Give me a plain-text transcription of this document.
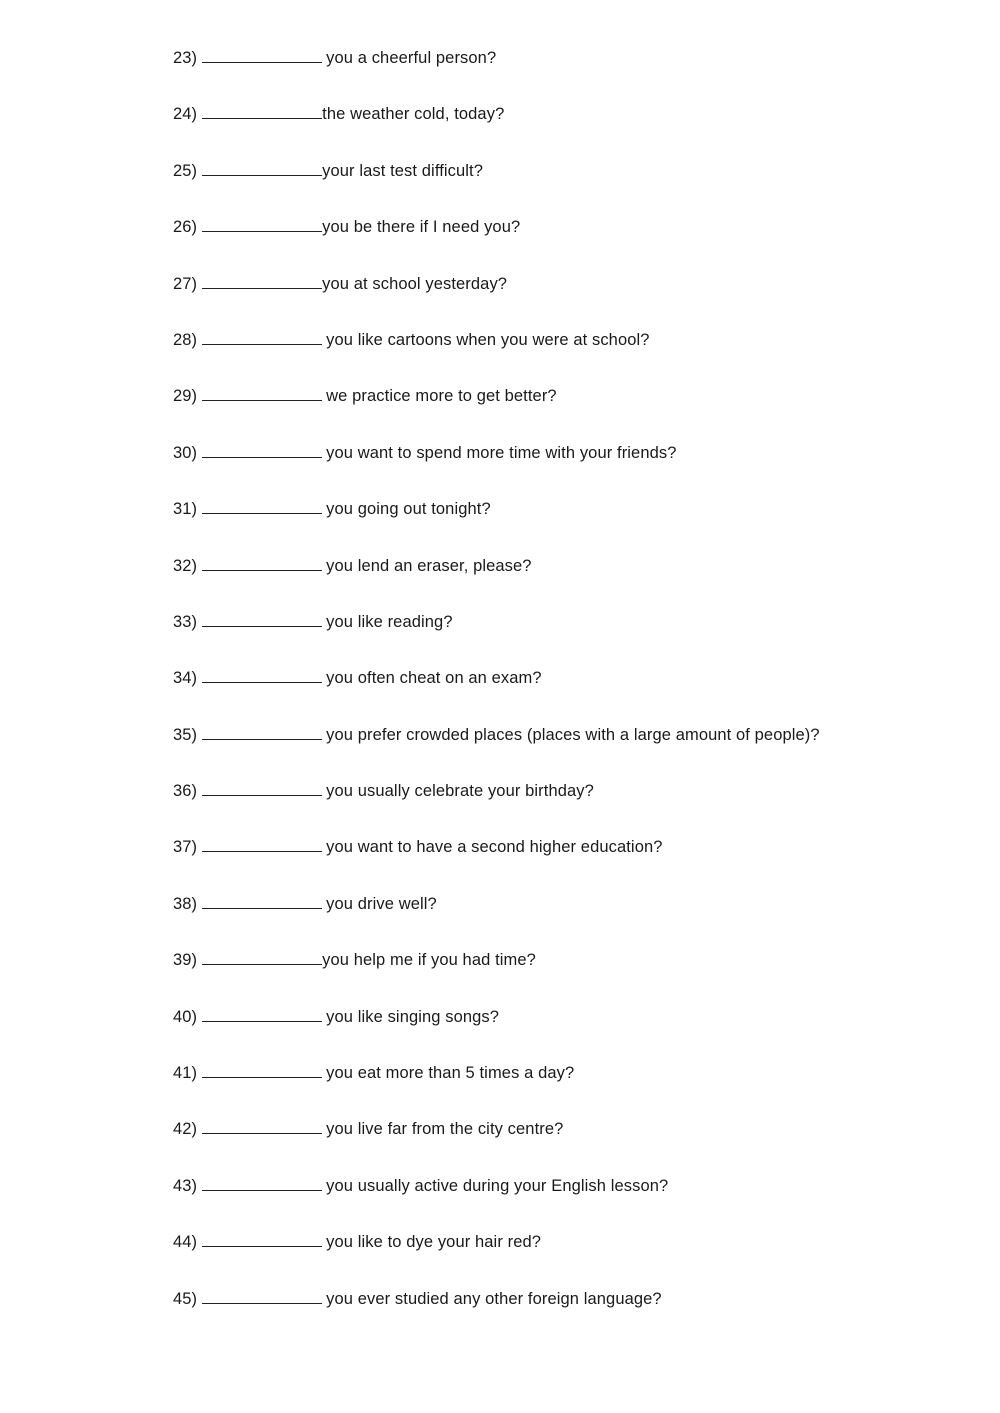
23)	you a cheerful person?
24)	the weather cold, today?
25)	your last test difficult?
26)	you be there if I need you?
27)	you at school yesterday?
28)	you like cartoons when you were at school?
29)	we practice more to get better?
30)	you want to spend more time with your friends?
31)	you going out tonight?
32)	you lend an eraser, please?
33)	you like reading?
34)	you often cheat on an exam?
35)	you prefer crowded places (places with a large amount of people)?
36)	you usually celebrate your birthday?
37)	you want to have a second higher education?
38)	you drive well?
39)	you help me if you had time?
40)	you like singing songs?
41)	you eat more than 5 times a day?
42)	you live far from the city centre?
43)	you usually active during your English lesson?
44)	you like to dye your hair red?
45)	you ever studied any other foreign language?
